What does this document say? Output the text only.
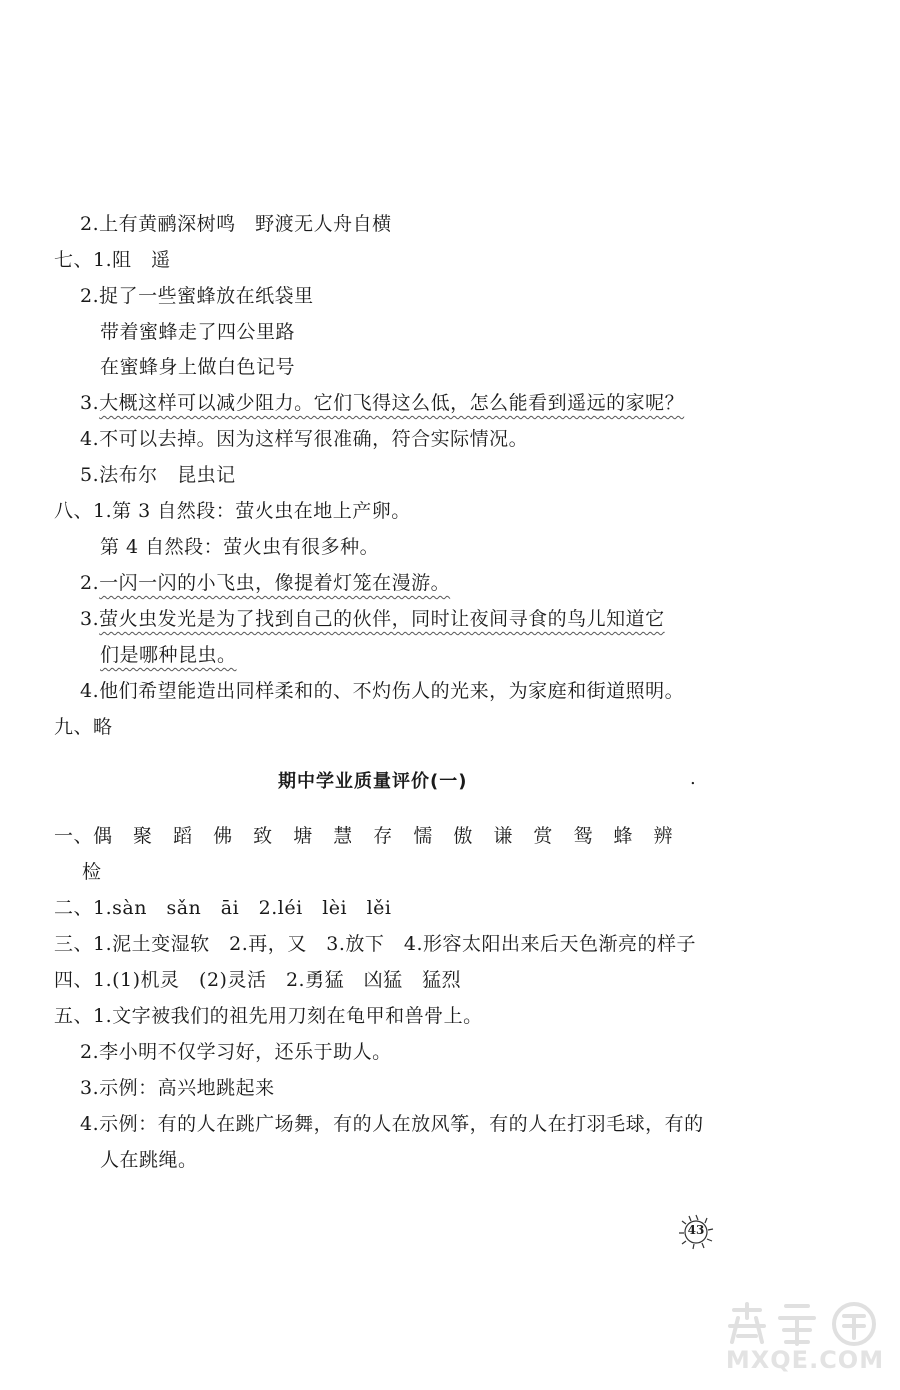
2.上有黄鹂深树鸣　野渡无人舟自横
七、1.阻　遥
2.捉了一些蜜蜂放在纸袋里
带着蜜蜂走了四公里路
在蜜蜂身上做白色记号
3.大概这样可以减少阻力。它们飞得这么低，怎么能看到遥远的家呢？
4.不可以去掉。因为这样写很准确，符合实际情况。
5.法布尔　昆虫记
八、1.第 3 自然段：萤火虫在地上产卵。
第 4 自然段：萤火虫有很多种。
2.一闪一闪的小飞虫，像提着灯笼在漫游。
3.萤火虫发光是为了找到自己的伙伴，同时让夜间寻食的鸟儿知道它
们是哪种昆虫。
4.他们希望能造出同样柔和的、不灼伤人的光来，为家庭和街道照明。
九、略
期中学业质量评价(一)	.
一、偶 聚 蹈 佛 致 塘 慧 存 懦 傲 谦 赏 鸳 蜂 辨
检
二、1.sàn　sǎn　āi　2.léi　lèi　lěi
三、1.泥土变湿软　2.再，又　3.放下　4.形容太阳出来后天色渐亮的样子
四、1.(1)机灵　(2)灵活　2.勇猛　凶猛　猛烈
五、1.文字被我们的祖先用刀刻在龟甲和兽骨上。
2.李小明不仅学习好，还乐于助人。
3.示例：高兴地跳起来
4.示例：有的人在跳广场舞，有的人在放风筝，有的人在打羽毛球，有的
人在跳绳。
43
MXQE.COM
